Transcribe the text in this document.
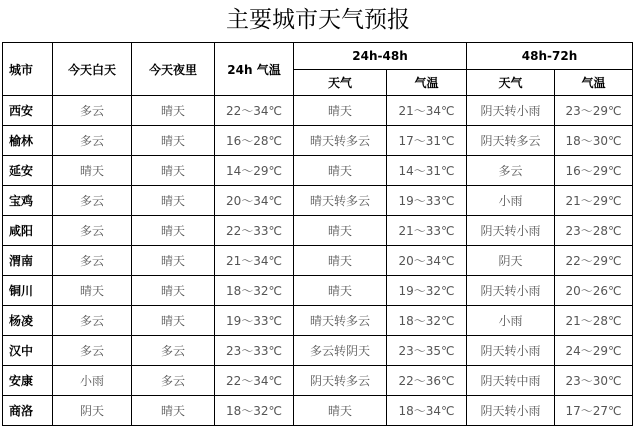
主要城市天气预报
城市	今天白天	今天夜里	24h 气温	24h-48h		48h-72h	
				天气	气温	天气	气温
西安	多云	晴天	22～34℃	晴天	21～34℃	阴天转小雨	23～29℃
榆林	多云	晴天	16～28℃	晴天转多云	17～31℃	阴天转多云	18～30℃
延安	晴天	晴天	14～29℃	晴天	14～31℃	多云	16～29℃
宝鸡	多云	晴天	20～34℃	晴天转多云	19～33℃	小雨	21～29℃
咸阳	多云	晴天	22～33℃	晴天	21～33℃	阴天转小雨	23～28℃
渭南	多云	晴天	21～34℃	晴天	20～34℃	阴天	22～29℃
铜川	晴天	晴天	18～32℃	晴天	19～32℃	阴天转小雨	20～26℃
杨凌	多云	晴天	19～33℃	晴天转多云	18～32℃	小雨	21～28℃
汉中	多云	多云	23～33℃	多云转阴天	23～35℃	阴天转小雨	24～29℃
安康	小雨	多云	22～34℃	阴天转多云	22～36℃	阴天转中雨	23～30℃
商洛	阴天	晴天	18～32℃	晴天	18～34℃	阴天转小雨	17～27℃
